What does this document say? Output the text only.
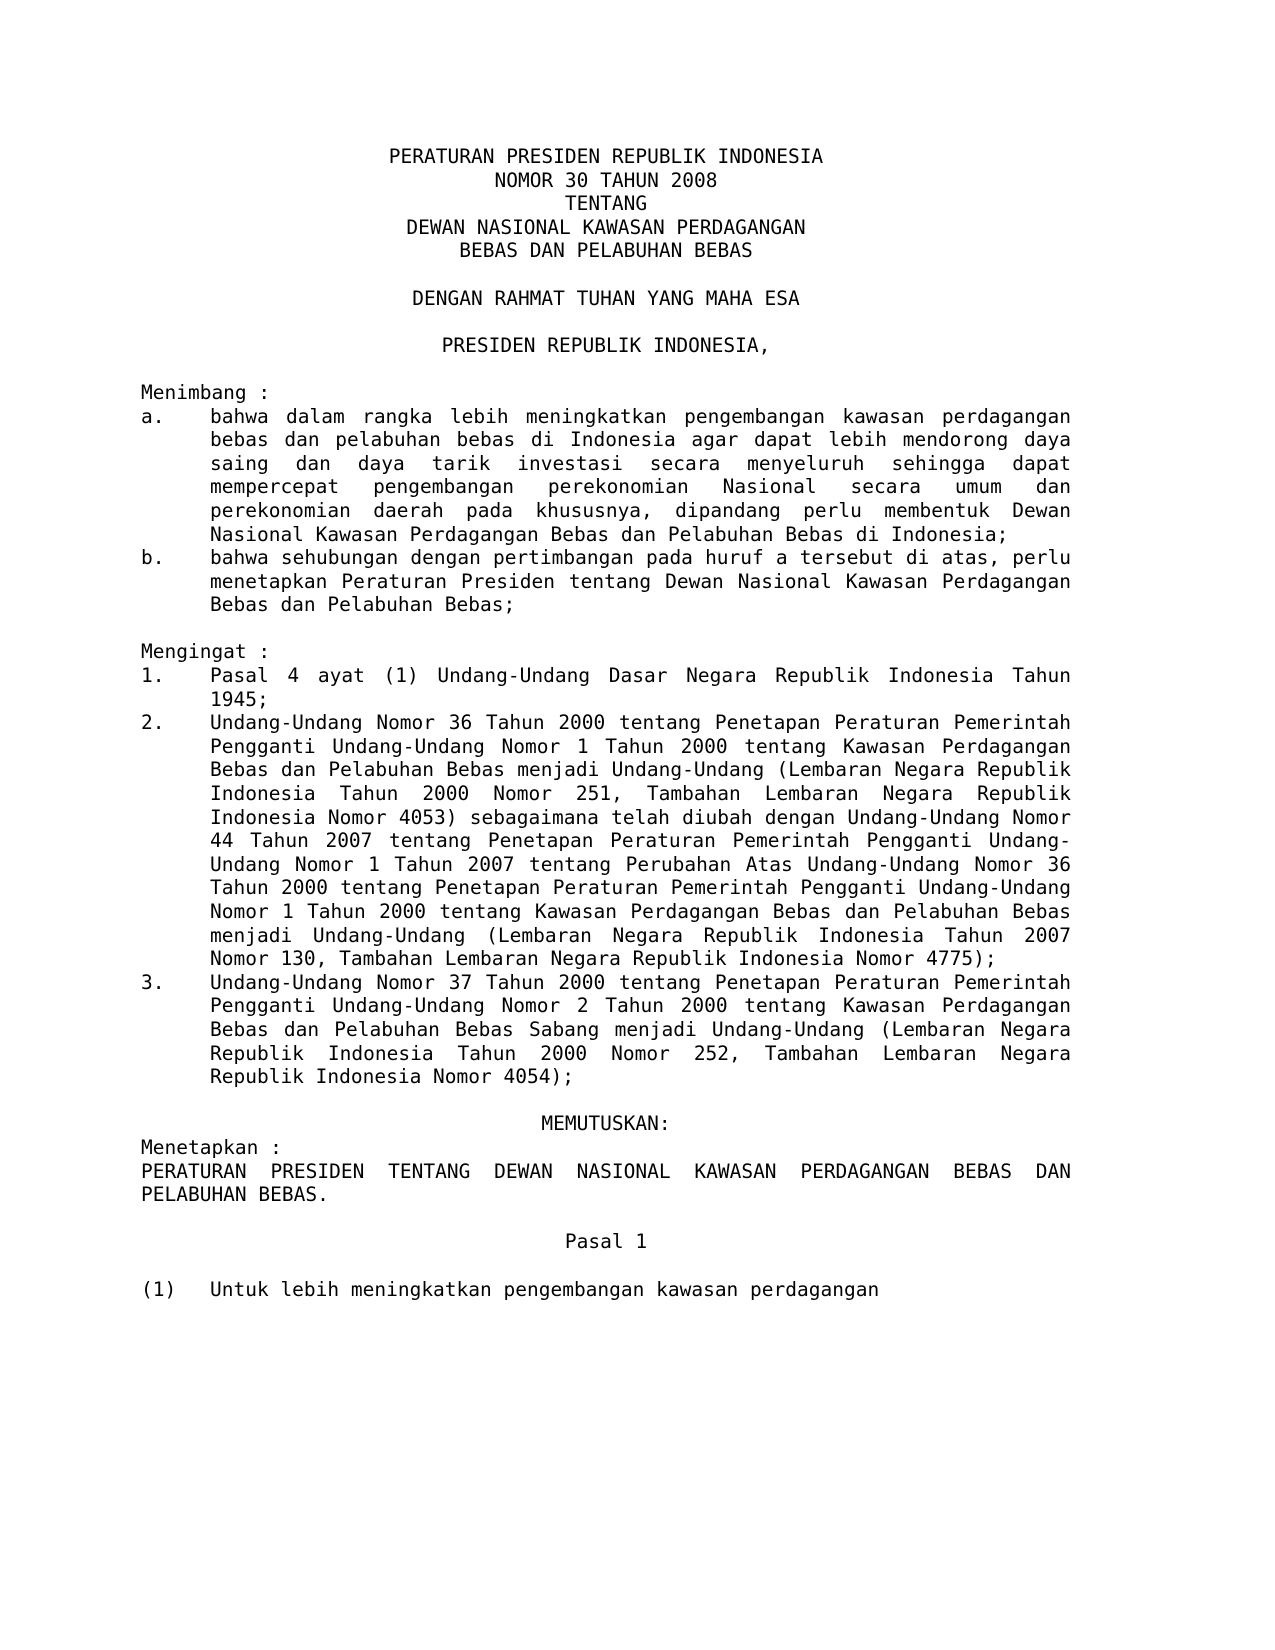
PERATURAN PRESIDEN REPUBLIK INDONESIA
NOMOR 30 TAHUN 2008
TENTANG
DEWAN NASIONAL KAWASAN PERDAGANGAN
BEBAS DAN PELABUHAN BEBAS
DENGAN RAHMAT TUHAN YANG MAHA ESA
PRESIDEN REPUBLIK INDONESIA,
Menimbang :
a.	bahwa dalam rangka lebih meningkatkan pengembangan kawasan perdagangan bebas dan pelabuhan bebas di Indonesia agar dapat lebih mendorong daya saing dan daya tarik investasi secara menyeluruh sehingga dapat mempercepat pengembangan perekonomian Nasional secara umum dan perekonomian daerah pada khususnya, dipandang perlu membentuk Dewan Nasional Kawasan Perdagangan Bebas dan Pelabuhan Bebas di Indonesia;
b.	bahwa sehubungan dengan pertimbangan pada huruf a tersebut di atas, perlu menetapkan Peraturan Presiden tentang Dewan Nasional Kawasan Perdagangan Bebas dan Pelabuhan Bebas;
Mengingat :
1.	Pasal 4 ayat (1) Undang-Undang Dasar Negara Republik Indonesia Tahun 1945;
2.	Undang-Undang Nomor 36 Tahun 2000 tentang Penetapan Peraturan Pemerintah Pengganti Undang-Undang Nomor 1 Tahun 2000 tentang Kawasan Perdagangan Bebas dan Pelabuhan Bebas menjadi Undang-Undang (Lembaran Negara Republik Indonesia Tahun 2000 Nomor 251, Tambahan Lembaran Negara Republik Indonesia Nomor 4053) sebagaimana telah diubah dengan Undang-Undang Nomor 44 Tahun 2007 tentang Penetapan Peraturan Pemerintah Pengganti Undang-Undang Nomor 1 Tahun 2007 tentang Perubahan Atas Undang-Undang Nomor 36 Tahun 2000 tentang Penetapan Peraturan Pemerintah Pengganti Undang-Undang Nomor 1 Tahun 2000 tentang Kawasan Perdagangan Bebas dan Pelabuhan Bebas menjadi Undang-Undang (Lembaran Negara Republik Indonesia Tahun 2007 Nomor 130, Tambahan Lembaran Negara Republik Indonesia Nomor 4775);
3.	Undang-Undang Nomor 37 Tahun 2000 tentang Penetapan Peraturan Pemerintah Pengganti Undang-Undang Nomor 2 Tahun 2000 tentang Kawasan Perdagangan Bebas dan Pelabuhan Bebas Sabang menjadi Undang-Undang (Lembaran Negara Republik Indonesia Tahun 2000 Nomor 252, Tambahan Lembaran Negara Republik Indonesia Nomor 4054);
MEMUTUSKAN:
Menetapkan :
PERATURAN PRESIDEN TENTANG DEWAN NASIONAL KAWASAN PERDAGANGAN BEBAS DAN PELABUHAN BEBAS.
Pasal 1
(1)	Untuk lebih meningkatkan pengembangan kawasan perdagangan
